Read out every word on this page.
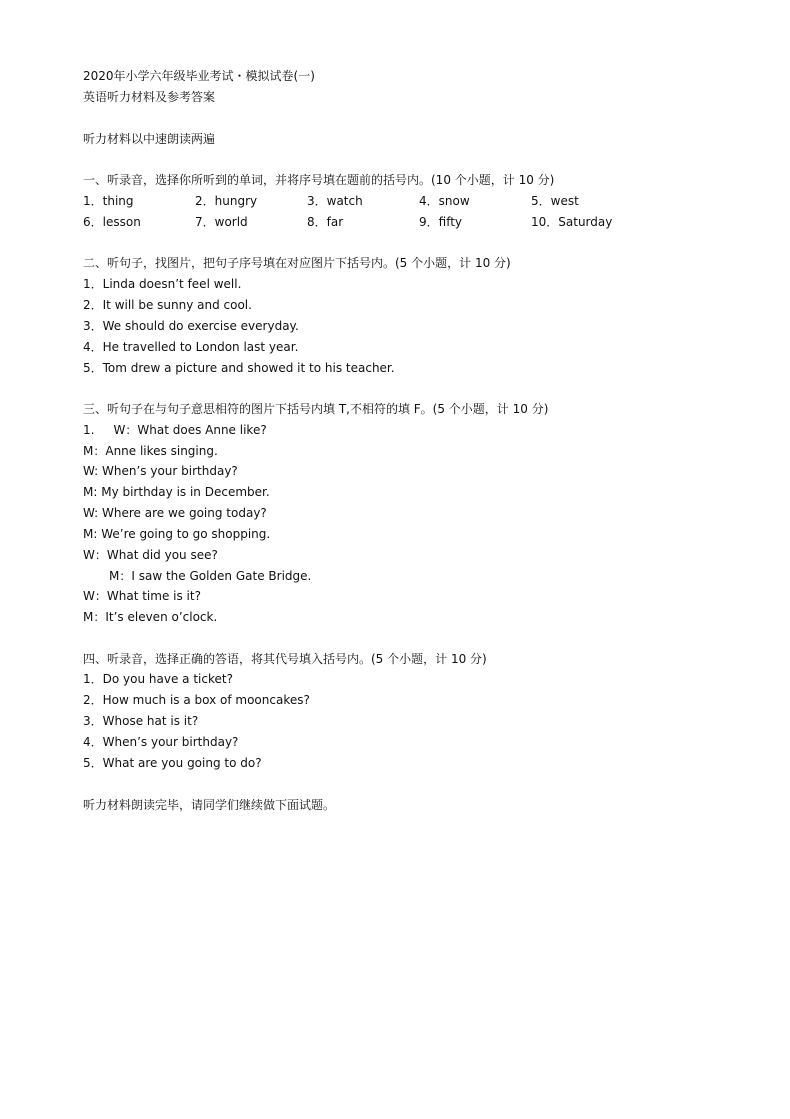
2020年小学六年级毕业考试・模拟试卷(一)
英语听力材料及参考答案
听力材料以中速朗读两遍
一、听录音，选择你所听到的单词，并将序号填在题前的括号内。(10 个小题，计 10 分)
1．thing	2．hungry	3．watch	4．snow	5．west
6．lesson	7．world	8．far	9．fifty	10．Saturday
二、听句子，找图片，把句子序号填在对应图片下括号内。(5 个小题，计 10 分)
1．Linda doesn’t feel well.
2．It will be sunny and cool.
3．We should do exercise everyday.
4．He travelled to London last year.
5．Tom drew a picture and showed it to his teacher.
三、听句子在与句子意思相符的图片下括号内填 T,不相符的填 F。(5 个小题，计 10 分)
1.     W：What does Anne like?
M：Anne likes singing.
W: When’s your birthday?
M: My birthday is in December.
W: Where are we going today?
M: We’re going to go shopping.
W：What did you see?
M：I saw the Golden Gate Bridge.
W：What time is it?
M：It’s eleven o’clock.
四、听录音，选择正确的答语，将其代号填入括号内。(5 个小题，计 10 分)
1．Do you have a ticket?
2．How much is a box of mooncakes?
3．Whose hat is it?
4．When’s your birthday?
5．What are you going to do?
听力材料朗读完毕，请同学们继续做下面试题。
